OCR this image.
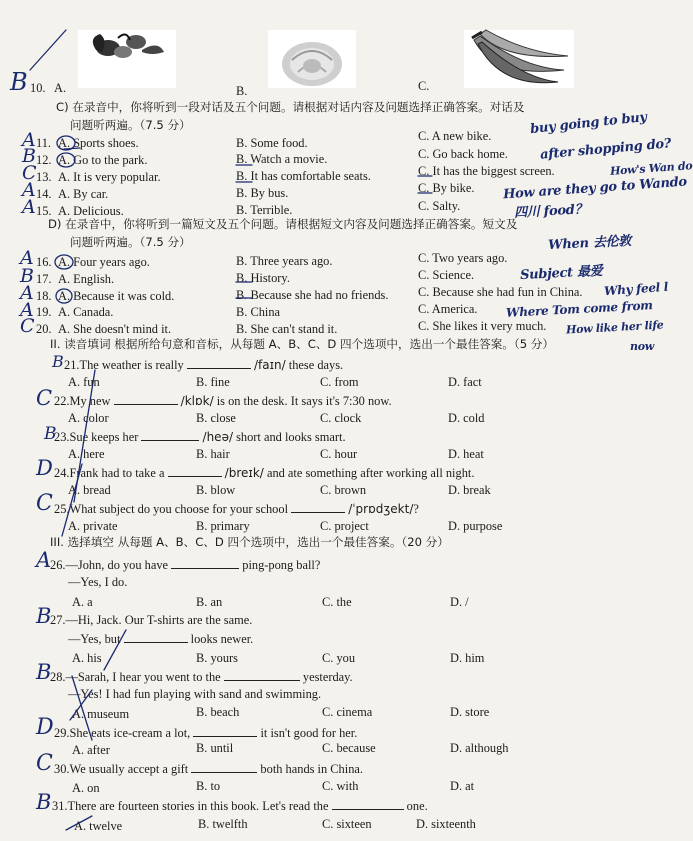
10. A.	B.	C.
B
C) 在录音中，你将听到一段对话及五个问题。请根据对话内容及问题选择正确答案。对话及
问题听两遍。（7.5 分）
A 11. A. Sports shoes.	B. Some food.	C. A new bike.
B 12. A. Go to the park.	B. Watch a movie.	C. Go back home.
C 13. A. It is very popular.	B. It has comfortable seats.	C. It has the biggest screen.
A 14. A. By car.	B. By bus.	C. By bike.
A 15. A. Delicious.	B. Terrible.	C. Salty.
D) 在录音中，你将听到一篇短文及五个问题。请根据短文内容及问题选择正确答案。短文及
问题听两遍。（7.5 分）
A 16. A. Four years ago.	B. Three years ago.	C. Two years ago.
B 17. A. English.	B. History.	C. Science.
A 18. A. Because it was cold.	B. Because she had no friends. C. Because she had fun in China.
A 19. A. Canada.	B. China	C. America.
C 20. A. She doesn't mind it.	B. She can't stand it.	C. She likes it very much.
buy going to buy
after shopping do?
How's Wan do
How are they go to Wando
四川 food？
When 去伦敦
Subject 最爱
Why feel l
Where Tom come from
How like her life
now
II. 读音填词 根据所给句意和音标，从每题 A、B、C、D 四个选项中，选出一个最佳答案。（5 分）
B 21.The weather is really	/faɪn/ these days.
A. fun	B. fine	C. from	D. fact
C 22.My new	/klɒk/ is on the desk. It says it's 7:30 now.
A. color	B. close	C. clock	D. cold
B
23.Sue keeps her	/heə/ short and looks smart.
A. here	B. hair	C. hour	D. heat
D 24.Frank had to take a	/breɪk/ and ate something after working all night.
A. bread	B. blow	C. brown	D. break
C 25.What subject do you choose for your school	/ˈprɒdʒekt/?
A. private	B. primary	C. project	D. purpose
III. 选择填空 从每题 A、B、C、D 四个选项中，选出一个最佳答案。（20 分）
A
26.—John, do you have	ping-pong ball?
—Yes, I do.
A. a	B. an	C. the	D. /
B
27.—Hi, Jack. Our T-shirts are the same.
—Yes, but	looks newer.
A. his	B. yours	C. you	D. him
B
28.—Sarah, I hear you went to the	yesterday.
—Yes! I had fun playing with sand and swimming.
A. museum	B. beach	C. cinema	D. store
D 29.She eats ice-cream a lot,	it isn't good for her.
A. after	B. until	C. because	D. although
C 30.We usually accept a gift	both hands in China.
A. on	B. to	C. with	D. at
B 31.There are fourteen stories in this book. Let's read the	one.
A. twelve	B. twelfth	C. sixteen	D. sixteenth
